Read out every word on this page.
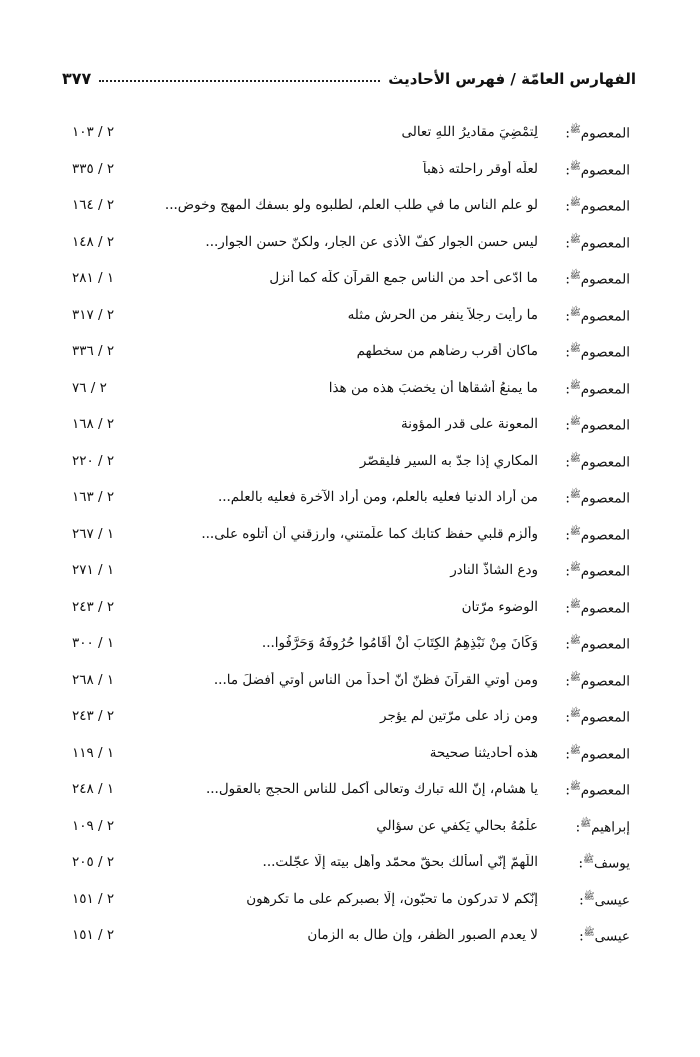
الفهارس العامّة / فهرس الأحاديث
٣٧٧
المعصوم$^ﷺ$:
لِتمْضِيَ مقاديرُ اللهِ تعالى
٢ / ١٠٣
المعصوم$^ﷺ$:
لعلّه أوقر راحلته ذهباً
٢ / ٣٣٥
المعصوم$^ﷺ$:
لو علم الناس ما في طلب العلم، لطلبوه ولو بسفك المهج وخوض...
٢ / ١٦٤
المعصوم$^ﷺ$:
ليس حسن الجوار كفّ الأذى عن الجار، ولكنّ حسن الجوار...
٢ / ١٤٨
المعصوم$^ﷺ$:
ما ادّعى أحد من الناس جمع القرآن كلّه كما أُنزل
١ / ٢٨١
المعصوم$^ﷺ$:
ما رأيت رجلاً ينفر من الحرش مثله
٢ / ٣١٧
المعصوم$^ﷺ$:
ماكان أقرب رضاهم من سخطهم
٢ / ٣٣٦
المعصوم$^ﷺ$:
ما يمنعُ أشقاها أن يخضبَ هذه من هذا
٢ / ٧٦
المعصوم$^ﷺ$:
المعونة على قدر المؤونة
٢ / ١٦٨
المعصوم$^ﷺ$:
المكاري إذا جدّ به السير فليقصّر
٢ / ٢٢٠
المعصوم$^ﷺ$:
من أراد الدنيا فعليه بالعلم، ومن أراد الآخرة فعليه بالعلم...
٢ / ١٦٣
المعصوم$^ﷺ$:
وألزم قلبي حفظ كتابك كما علّمتني، وارزقني أن أتلوه على...
١ / ٢٦٧
المعصوم$^ﷺ$:
ودع الشاذّ النادر
١ / ٢٧١
المعصوم$^ﷺ$:
الوضوء مرّتان
٢ / ٢٤٣
المعصوم$^ﷺ$:
وَكَانَ مِنْ نَبْذِهِمُ الكِتَابَ أَنْ أَقَامُوا حُرُوفَهُ وَحَرَّفُوا...
١ / ٣٠٠
المعصوم$^ﷺ$:
ومن أُوتي القرآنَ فظنّ أنّ أحداً من الناس أُوتي أفضلَ ما...
١ / ٢٦٨
المعصوم$^ﷺ$:
ومن زاد على مرّتين لم يؤجر
٢ / ٢٤٣
المعصوم$^ﷺ$:
هذه أحاديثنا صحيحة
١ / ١١٩
المعصوم$^ﷺ$:
يا هشام، إنّ الله تبارك وتعالى أكمل للناس الحجج بالعقول...
١ / ٢٤٨
إبراهيم$^ﷺ$:
علْمُهُ بحالي يَكفي عن سؤالي
٢ / ١٠٩
يوسف$^ﷺ$:
اللّهمّ إنّي أسألك بحقّ محمّد وأهل بيته إلّا عجّلت...
٢ / ٢٠٥
عيسى$^ﷺ$:
إنّكم لا تدركون ما تحبّون، إلّا بصبركم على ما تكرهون
٢ / ١٥١
عيسى$^ﷺ$:
لا يعدم الصبور الظفر، وإن طال به الزمان
٢ / ١٥١
